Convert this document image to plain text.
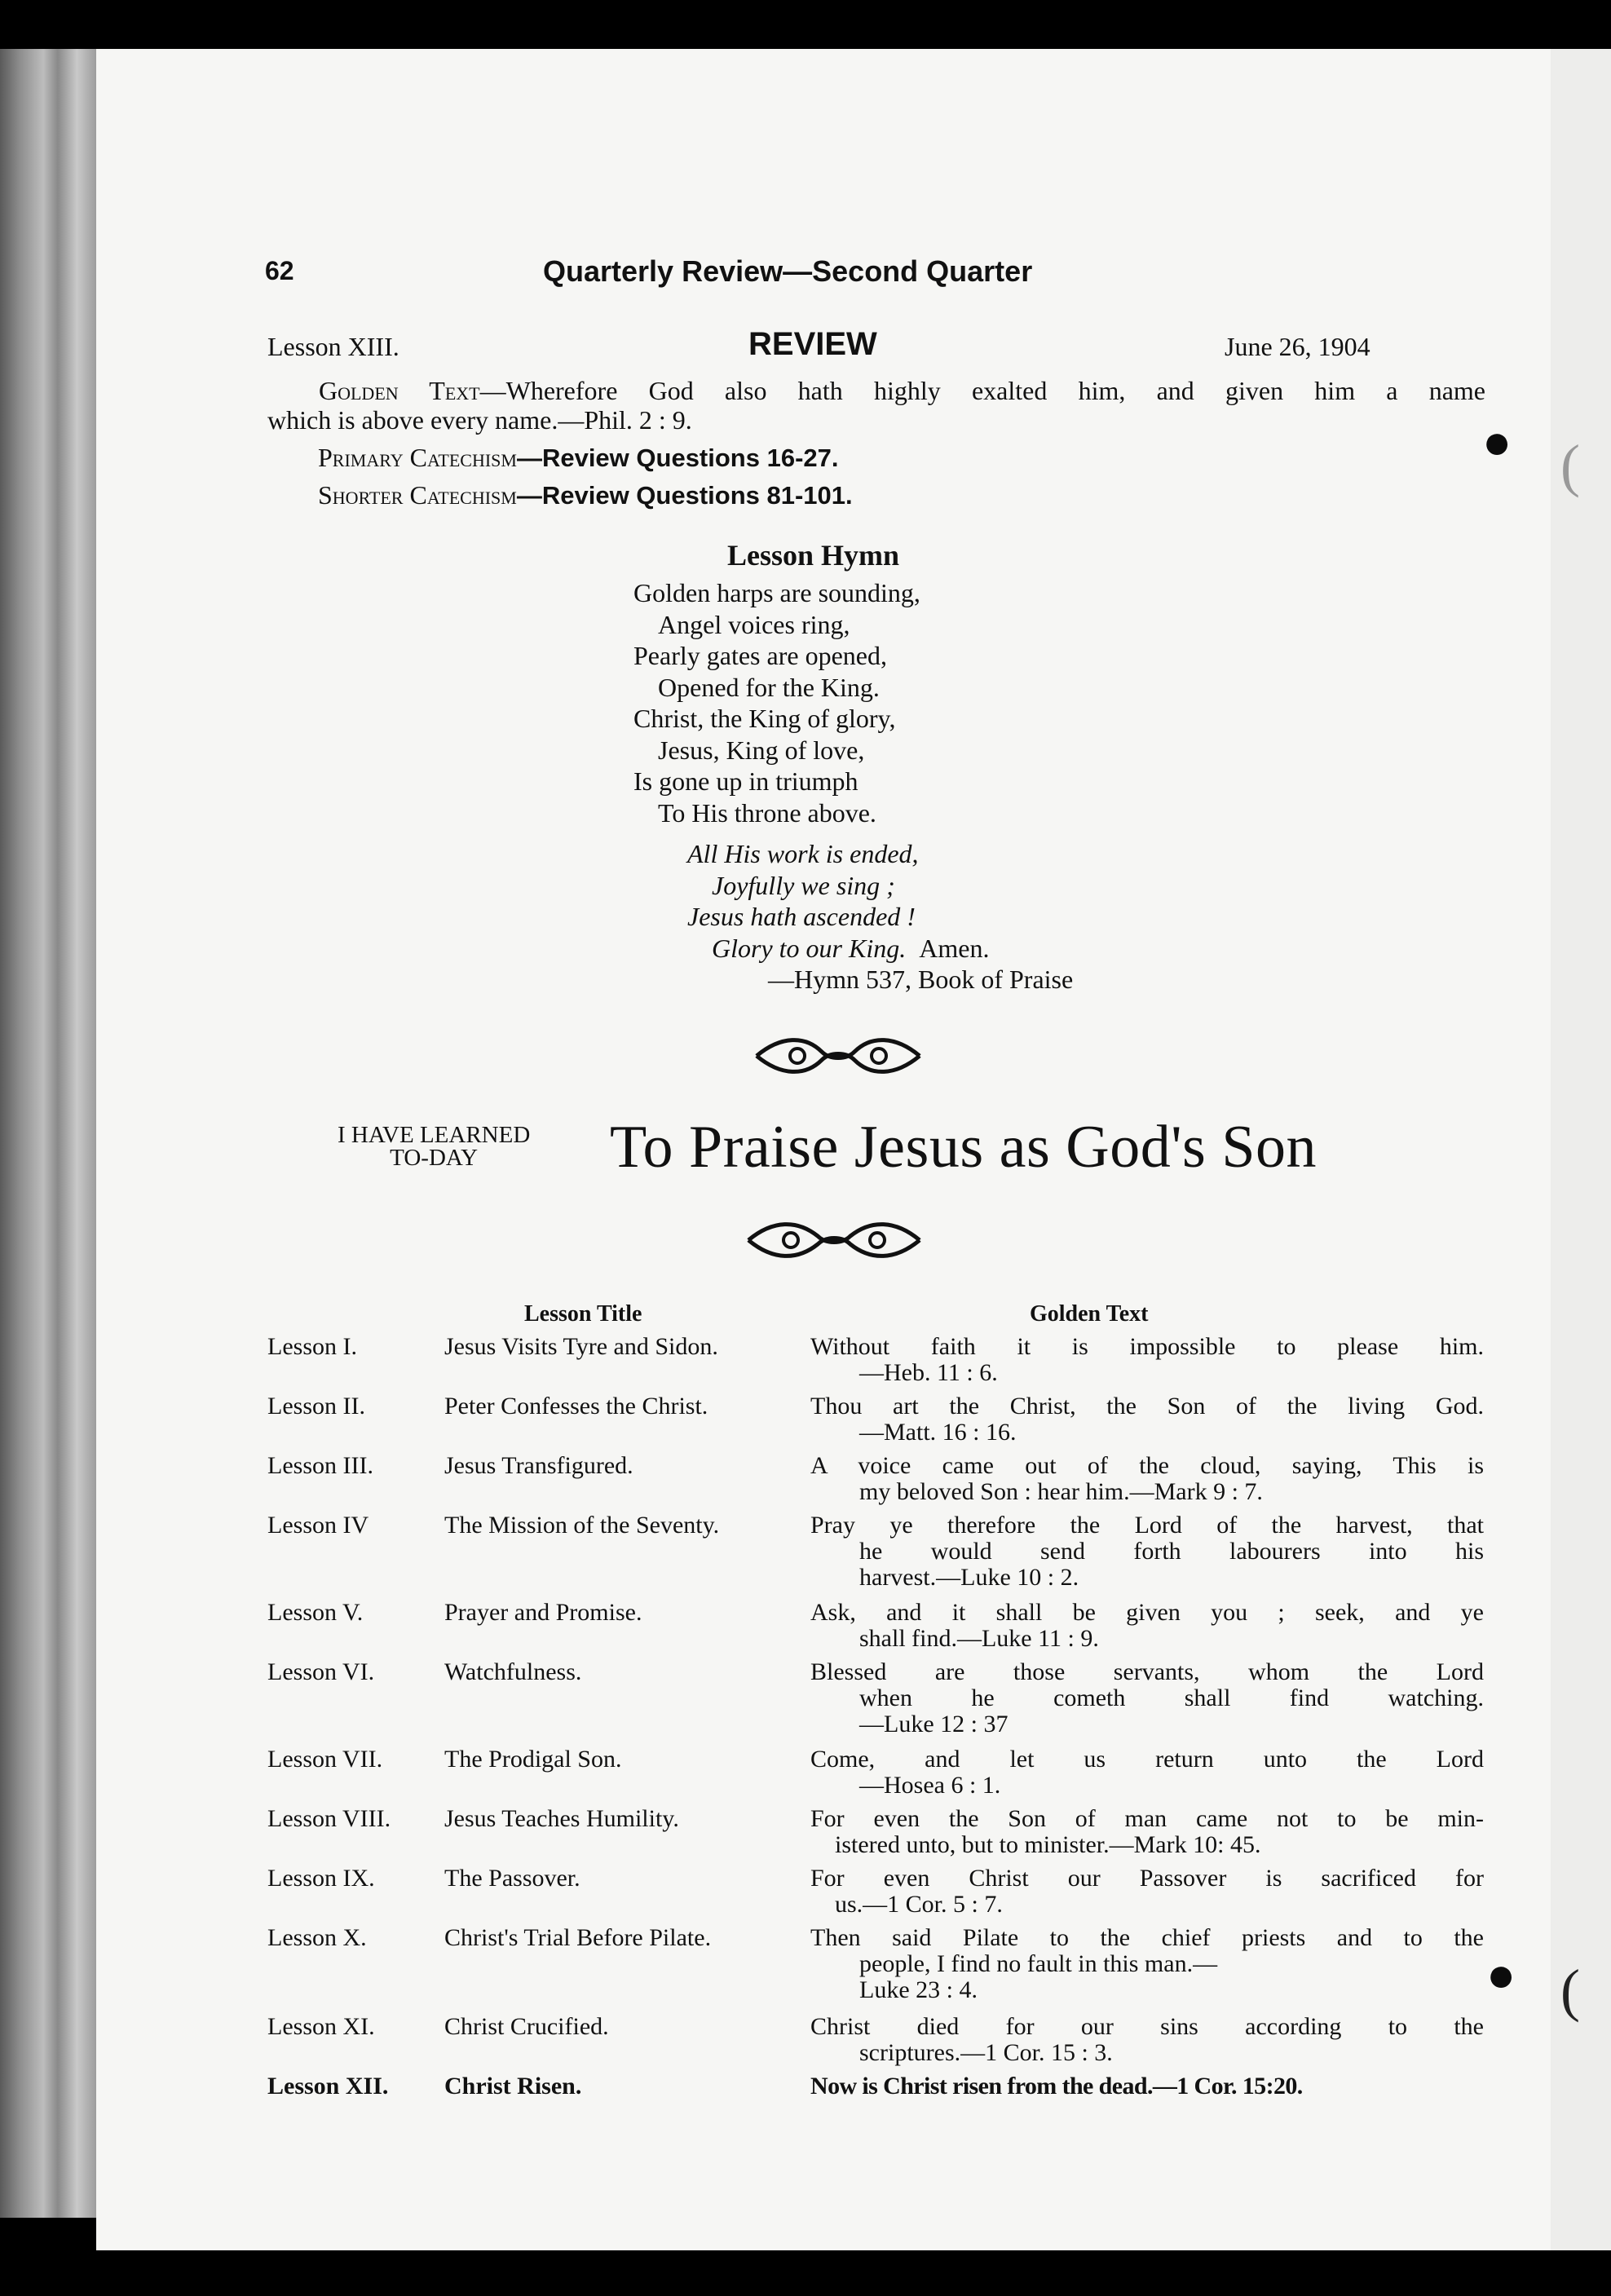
(
(
●
●
62	Quarterly Review—Second Quarter
Lesson XIII.	REVIEW	June 26, 1904
Golden Text—Wherefore God also hath highly exalted him, and given him a name
which is above every name.—Phil. 2 : 9.
Primary Catechism—Review Questions 16-27.
Shorter Catechism—Review Questions 81-101.
Lesson Hymn
Golden harps are sounding,
Angel voices ring,
Pearly gates are opened,
Opened for the King.
Christ, the King of glory,
Jesus, King of love,
Is gone up in triumph
To His throne above.
All His work is ended,
Joyfully we sing ;
Jesus hath ascended !
Glory to our King. Amen.
—Hymn 537, Book of Praise
I HAVE LEARNED
TO-DAY	To Praise Jesus as God's Son
Lesson Title	Golden Text
Lesson I.	Jesus Visits Tyre and Sidon.	Without faith it is impossible to please him.
—Heb. 11 : 6.
Lesson II.	Peter Confesses the Christ.	Thou art the Christ, the Son of the living God.
—Matt. 16 : 16.
Lesson III.	Jesus Transfigured.	A voice came out of the cloud, saying, This is
my beloved Son : hear him.—Mark 9 : 7.
Lesson IV	The Mission of the Seventy.	Pray ye therefore the Lord of the harvest, that
he would send forth labourers into his
harvest.—Luke 10 : 2.
Lesson V.	Prayer and Promise.	Ask, and it shall be given you ; seek, and ye
shall find.—Luke 11 : 9.
Lesson VI.	Watchfulness.	Blessed are those servants, whom the Lord
when he cometh shall find watching.
—Luke 12 : 37
Lesson VII.	The Prodigal Son.	Come, and let us return unto the Lord
—Hosea 6 : 1.
Lesson VIII. Jesus Teaches Humility.	For even the Son of man came not to be min-
istered unto, but to minister.—Mark 10: 45.
Lesson IX.	The Passover.	For even Christ our Passover is sacrificed for
us.—1 Cor. 5 : 7.
Lesson X.	Christ's Trial Before Pilate.	Then said Pilate to the chief priests and to the
people, I find no fault in this man.—
Luke 23 : 4.
Lesson XI.	Christ Crucified.	Christ died for our sins according to the
scriptures.—1 Cor. 15 : 3.
Lesson XII. Christ Risen.	Now is Christ risen from the dead.—1 Cor. 15:20.
